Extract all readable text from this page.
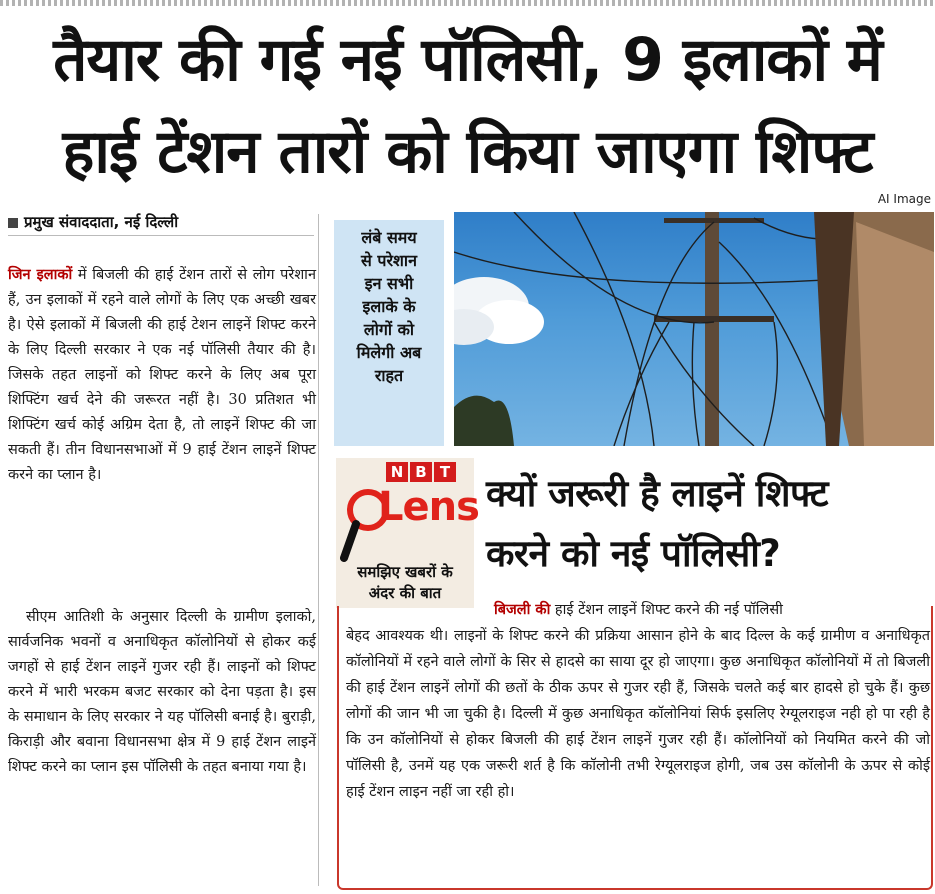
तैयार की गई नई पॉलिसी, 9 इलाकों में
हाई टेंशन तारों को किया जाएगा शिफ्ट
AI Image
प्रमुख संवाददाता, नई दिल्ली

जिन इलाकों में बिजली की हाई टेंशन तारों से लोग परेशान हैं, उन इलाकों में रहने वाले लोगों के लिए एक अच्छी खबर है। ऐसे इलाकों में बिजली की हाई टेशन लाइनें शिफ्ट करने के लिए दिल्ली सरकार ने एक नई पॉलिसी तैयार की है। जिसके तहत लाइनों को शिफ्ट करने के लिए अब पूरा शिफ्टिंग खर्च देने की जरूरत नहीं है। 30 प्रतिशत भी शिफ्टिंग खर्च कोई अग्रिम देता है, तो लाइनें शिफ्ट की जा सकती हैं। तीन विधानसभाओं में 9 हाई टेंशन लाइनें शिफ्ट करने का प्लान है।

सीएम आतिशी के अनुसार दिल्ली के ग्रामीण इलाको, सार्वजनिक भवनों व अनाधिकृत कॉलोनियों से होकर कई जगहों से हाई टेंशन लाइनें गुजर रही हैं। लाइनों को शिफ्ट करने में भारी भरकम बजट सरकार को देना पड़ता है। इस के समाधान के लिए सरकार ने यह पॉलिसी बनाई है। बुराड़ी, किराड़ी और बवाना विधानसभा क्षेत्र में 9 हाई टेंशन लाइनें शिफ्ट करने का प्लान इस पॉलिसी के तहत बनाया गया है।

लंबे समय
से परेशान
इन सभी
इलाके के
लोगों को
मिलेगी अब
राहत
N B T
Lens
समझिए खबरों के
अंदर की बात
क्यों जरूरी है लाइनें शिफ्ट
करने को नई पॉलिसी?
बिजली की हाई टेंशन लाइनें शिफ्ट करने की नई पॉलिसी
बेहद आवश्यक थी। लाइनों के शिफ्ट करने की प्रक्रिया आसान होने के बाद दिल्ल के कई ग्रामीण व अनाधिकृत कॉलोनियों में रहने वाले लोगों के सिर से हादसे का साया दूर हो जाएगा। कुछ अनाधिकृत कॉलोनियों में तो बिजली की हाई टेंशन लाइनें लोगों की छतों के ठीक ऊपर से गुजर रही हैं, जिसके चलते कई बार हादसे हो चुके हैं। कुछ लोगों की जान भी जा चुकी है। दिल्ली में कुछ अनाधिकृत कॉलोनियां सिर्फ इसलिए रेग्यूलराइज नही हो पा रही है कि उन कॉलोनियों से होकर बिजली की हाई टेंशन लाइनें गुजर रही हैं। कॉलोनियों को नियमित करने की जो पॉलिसी है, उनमें यह एक जरूरी शर्त है कि कॉलोनी तभी रेग्यूलराइज होगी, जब उस कॉलोनी के ऊपर से कोई हाई टेंशन लाइन नहीं जा रही हो।
